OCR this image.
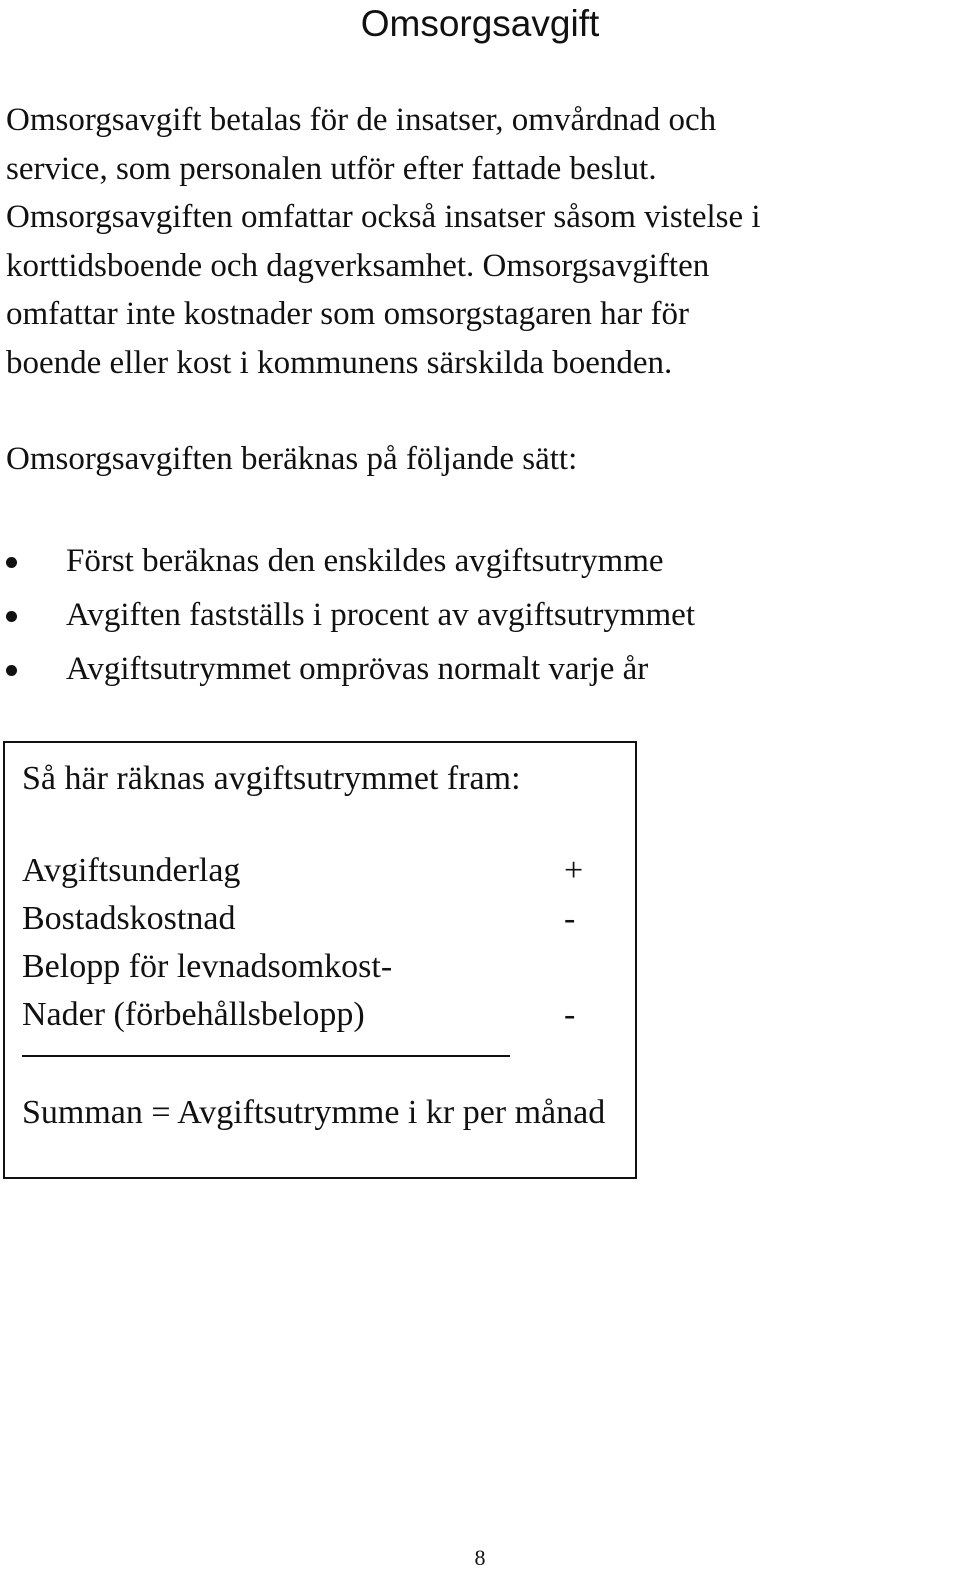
Omsorgsavgift

Omsorgsavgift betalas för de insatser, omvårdnad och
service, som personalen utför efter fattade beslut.
Omsorgsavgiften omfattar också insatser såsom vistelse i
korttidsboende och dagverksamhet. Omsorgsavgiften
omfattar inte kostnader som omsorgstagaren har för
boende eller kost i kommunens särskilda boenden.

Omsorgsavgiften beräknas på följande sätt:

Först beräknas den enskildes avgiftsutrymme
Avgiften fastställs i procent av avgiftsutrymmet
Avgiftsutrymmet omprövas normalt varje år
Så här räknas avgiftsutrymmet fram:
Avgiftsunderlag	+
Bostadskostnad	-
Belopp för levnadsomkost-
Nader (förbehållsbelopp)	-
Summan = Avgiftsutrymme i kr per månad
8
